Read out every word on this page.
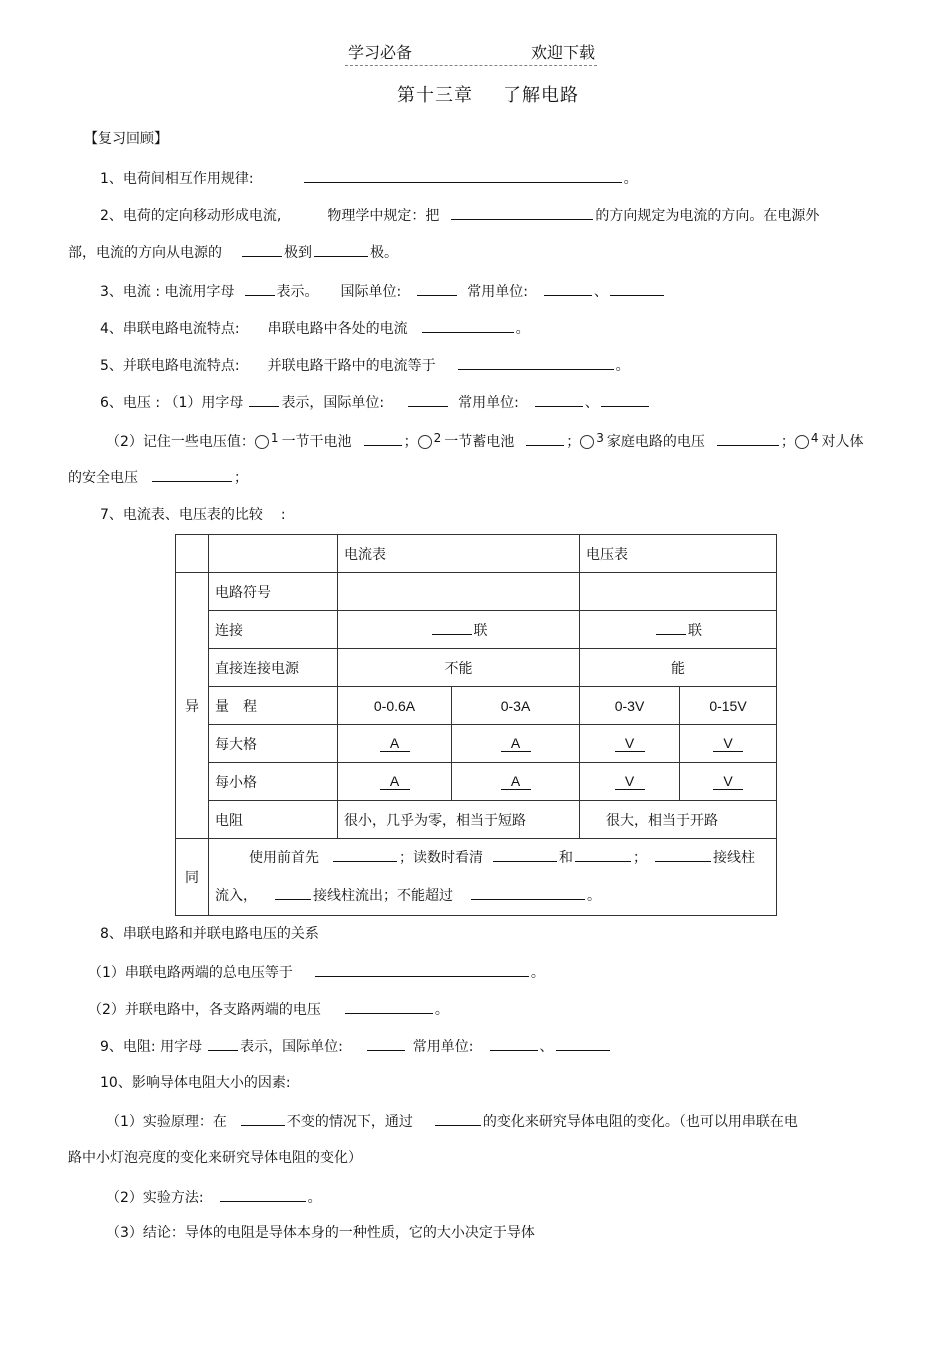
学习必备	欢迎下载
第十三章 了解电路
【复习回顾】
1、电荷间相互作用规律:	。
2、电荷的定向移动形成电流,	物理学中规定：把	的方向规定为电流的方向。在电源外
部，电流的方向从电源的	极到	极。
3、电流 : 电流用字母	表示。 国际单位:	常用单位:	、
4、串联电路电流特点: 串联电路中各处的电流	。
5、并联电路电流特点: 并联电路干路中的电流等于	。
6、电压 : （1）用字母	表示，国际单位:	常用单位:	、
（2）记住一些电压值： 1 一节干电池	； 2 一节蓄电池	； 3 家庭电路的电压	； 4 对人体
的安全电压	；
7、电流表、电压表的比较 :
		电流表		电压表	
异	电路符号				
	连接	联		联	
	直接连接电源	不能		能	
	量　程	0-0.6A	0-3A	0-3V	0-15V
	每大格	A	A	V	V
	每小格	A	A	V	V
	电阻	很小，几乎为零，相当于短路		很大，相当于开路	
同	使用前首先 ；读数时看清 和 ； 接线柱
流入， 接线柱流出；不能超过 。				
8、串联电路和并联电路电压的关系
（1）串联电路两端的总电压等于	。
（2）并联电路中，各支路两端的电压	。
9、电阻: 用字母	表示，国际单位:	常用单位:	、
10、影响导体电阻大小的因素:
（1）实验原理：在	不变的情况下，通过	的变化来研究导体电阻的变化。（也可以用串联在电
路中小灯泡亮度的变化来研究导体电阻的变化）
（2）实验方法:	。
（3）结论：导体的电阻是导体本身的一种性质，它的大小决定于导体
